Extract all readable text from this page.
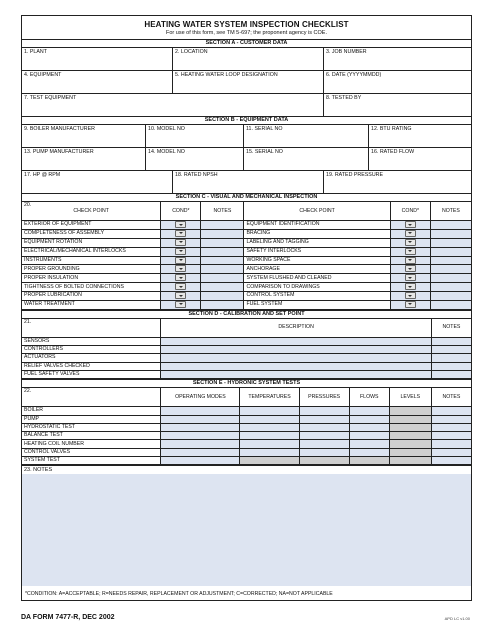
HEATING WATER SYSTEM INSPECTION CHECKLIST
For use of this form, see TM 5-697; the proponent agency is COE.
SECTION A - CUSTOMER DATA
1. PLANT	2. LOCATION	3. JOB NUMBER
4. EQUIPMENT	5. HEATING WATER LOOP DESIGNATION	6. DATE (YYYYMMDD)
7. TEST EQUIPMENT	8. TESTED BY
SECTION B - EQUIPMENT DATA
9. BOILER MANUFACTURER	10. MODEL NO	11. SERIAL NO	12. BTU RATING
13. PUMP MANUFACTURER	14. MODEL NO	15. SERIAL NO	16. RATED FLOW
17. HP @ RPM	18. RATED NPSH	19. RATED PRESSURE
SECTION C - VISUAL AND MECHANICAL INSPECTION
20.

CHECK POINT	COND*	NOTES	CHECK POINT	COND*	NOTES
EXTERIOR OF EQUIPMENT			EQUIPMENT IDENTIFICATION		
COMPLETENESS OF ASSEMBLY			BRACING		
EQUIPMENT ROTATION			LABELING AND TAGGING		
ELECTRICAL/MECHANICAL INTERLOCKS			SAFETY INTERLOCKS		
INSTRUMENTS			WORKING SPACE		
PROPER GROUNDING			ANCHORAGE		
PROPER INSULATION			SYSTEM FLUSHED AND CLEANED		
TIGHTNESS OF BOLTED CONNECTIONS			COMPARISON TO DRAWINGS		
PROPER LUBRICATION			CONTROL SYSTEM		
WATER TREATMENT			FUEL SYSTEM		
SECTION D - CALIBRATION AND SET POINT
21.	DESCRIPTION	NOTES
SENSORS		
CONTROLLERS		
ACTUATORS		
RELIEF VALVES CHECKED		
FUEL SAFETY VALVES		
SECTION E - HYDRONIC SYSTEM TESTS
22.	OPERATING MODES	TEMPERATURES	PRESSURES	FLOWS	LEVELS	NOTES
BOILER						
PUMP						
HYDROSTATIC TEST						
BALANCE TEST						
HEATING COIL NUMBER						
CONTROL VALVES						
SYSTEM TEST						
23. NOTES
*CONDITION: A=ACCEPTABLE; R=NEEDS REPAIR, REPLACEMENT OR ADJUSTMENT; C=CORRECTED; NA=NOT APPLICABLE
DA FORM 7477-R, DEC 2002	APD LC v1.00
